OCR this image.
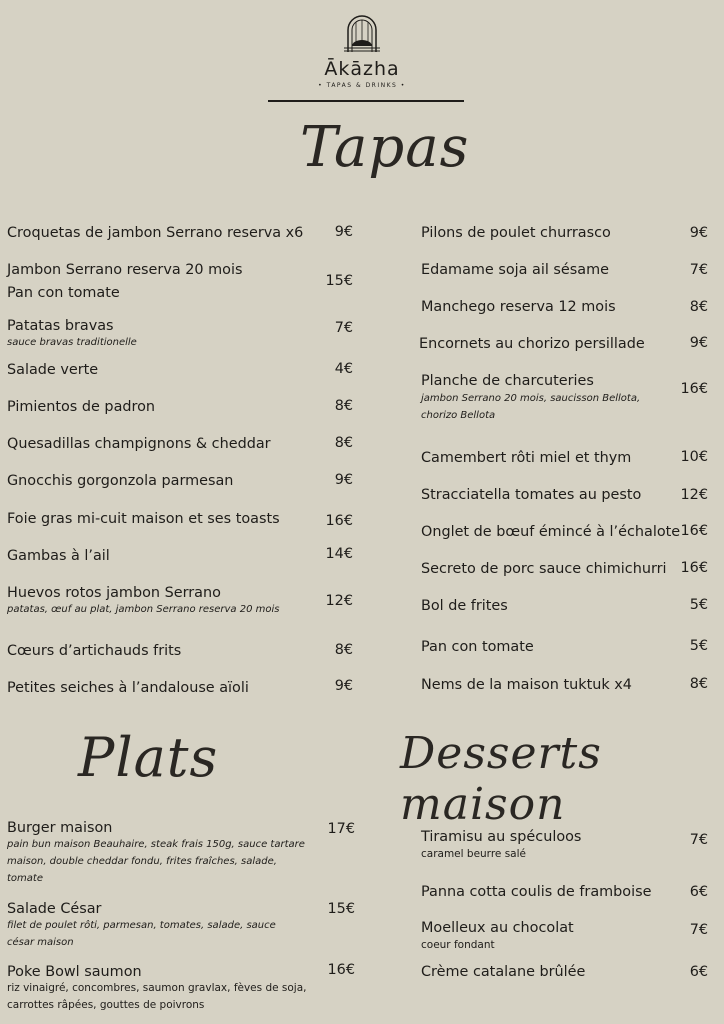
Ākāzha
• TAPAS & DRINKS •
Tapas
Plats	Desserts maison
Croquetas de jambon Serrano reserva x6	9€
Jambon Serrano reserva 20 mois
Pan con tomate
15€
Patatas bravas
sauce bravas traditionelle
7€
Salade verte	4€
Pimientos de padron	8€
Quesadillas champignons & cheddar	8€
Gnocchis gorgonzola parmesan	9€
Foie gras mi-cuit maison et ses toasts	16€
Gambas à l’ail	14€
Huevos rotos jambon Serrano
patatas, œuf au plat, jambon Serrano reserva 20 mois
12€
Cœurs d’artichauds frits	8€
Petites seiches à l’andalouse aïoli	9€
Pilons de poulet churrasco	9€
Edamame soja ail sésame	7€
Manchego reserva 12 mois	8€
Encornets au chorizo persillade	9€
Planche de charcuteries
jambon Serrano 20 mois, saucisson Bellota,
chorizo Bellota
16€
Camembert rôti miel et thym	10€
Stracciatella tomates au pesto	12€
Onglet de bœuf émincé à l’échalote 16€
Secreto de porc sauce chimichurri 16€
Bol de frites	5€
Pan con tomate	5€
Nems de la maison tuktuk x4	8€
Burger maison
pain bun maison Beauhaire, steak frais 150g, sauce tartare
maison, double cheddar fondu, frites fraîches, salade,
tomate
17€
Salade César
filet de poulet rôti, parmesan, tomates, salade, sauce
césar maison
15€
Poke Bowl saumon
riz vinaigré, concombres, saumon gravlax, fèves de soja,
carrottes râpées, gouttes de poivrons
16€
Tiramisu au spéculoos
caramel beurre salé
7€
Panna cotta coulis de framboise	6€
Moelleux au chocolat
coeur fondant
7€
Crème catalane brûlée	6€
